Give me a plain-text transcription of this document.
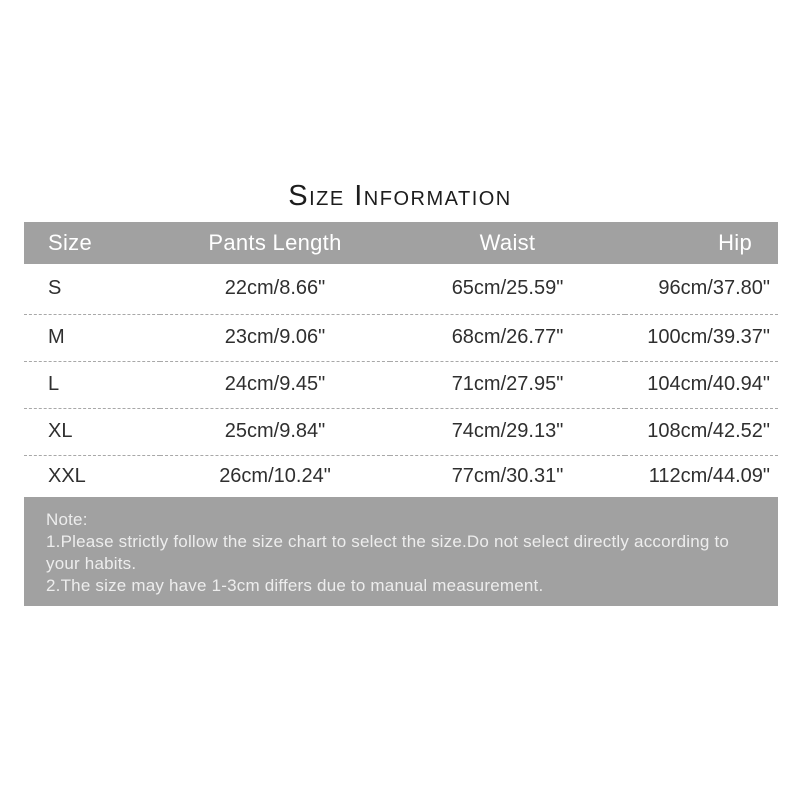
Size Information
Size	Pants Length	Waist	Hip
S	22cm/8.66"	65cm/25.59"	96cm/37.80"
M	23cm/9.06"	68cm/26.77"	100cm/39.37"
L	24cm/9.45"	71cm/27.95"	104cm/40.94"
XL	25cm/9.84"	74cm/29.13"	108cm/42.52"
XXL	26cm/10.24"	77cm/30.31"	112cm/44.09"
Note:
1.Please strictly follow the size chart to select the size.Do not select directly according to your habits.
2.The size may have 1-3cm differs due to manual measurement.
